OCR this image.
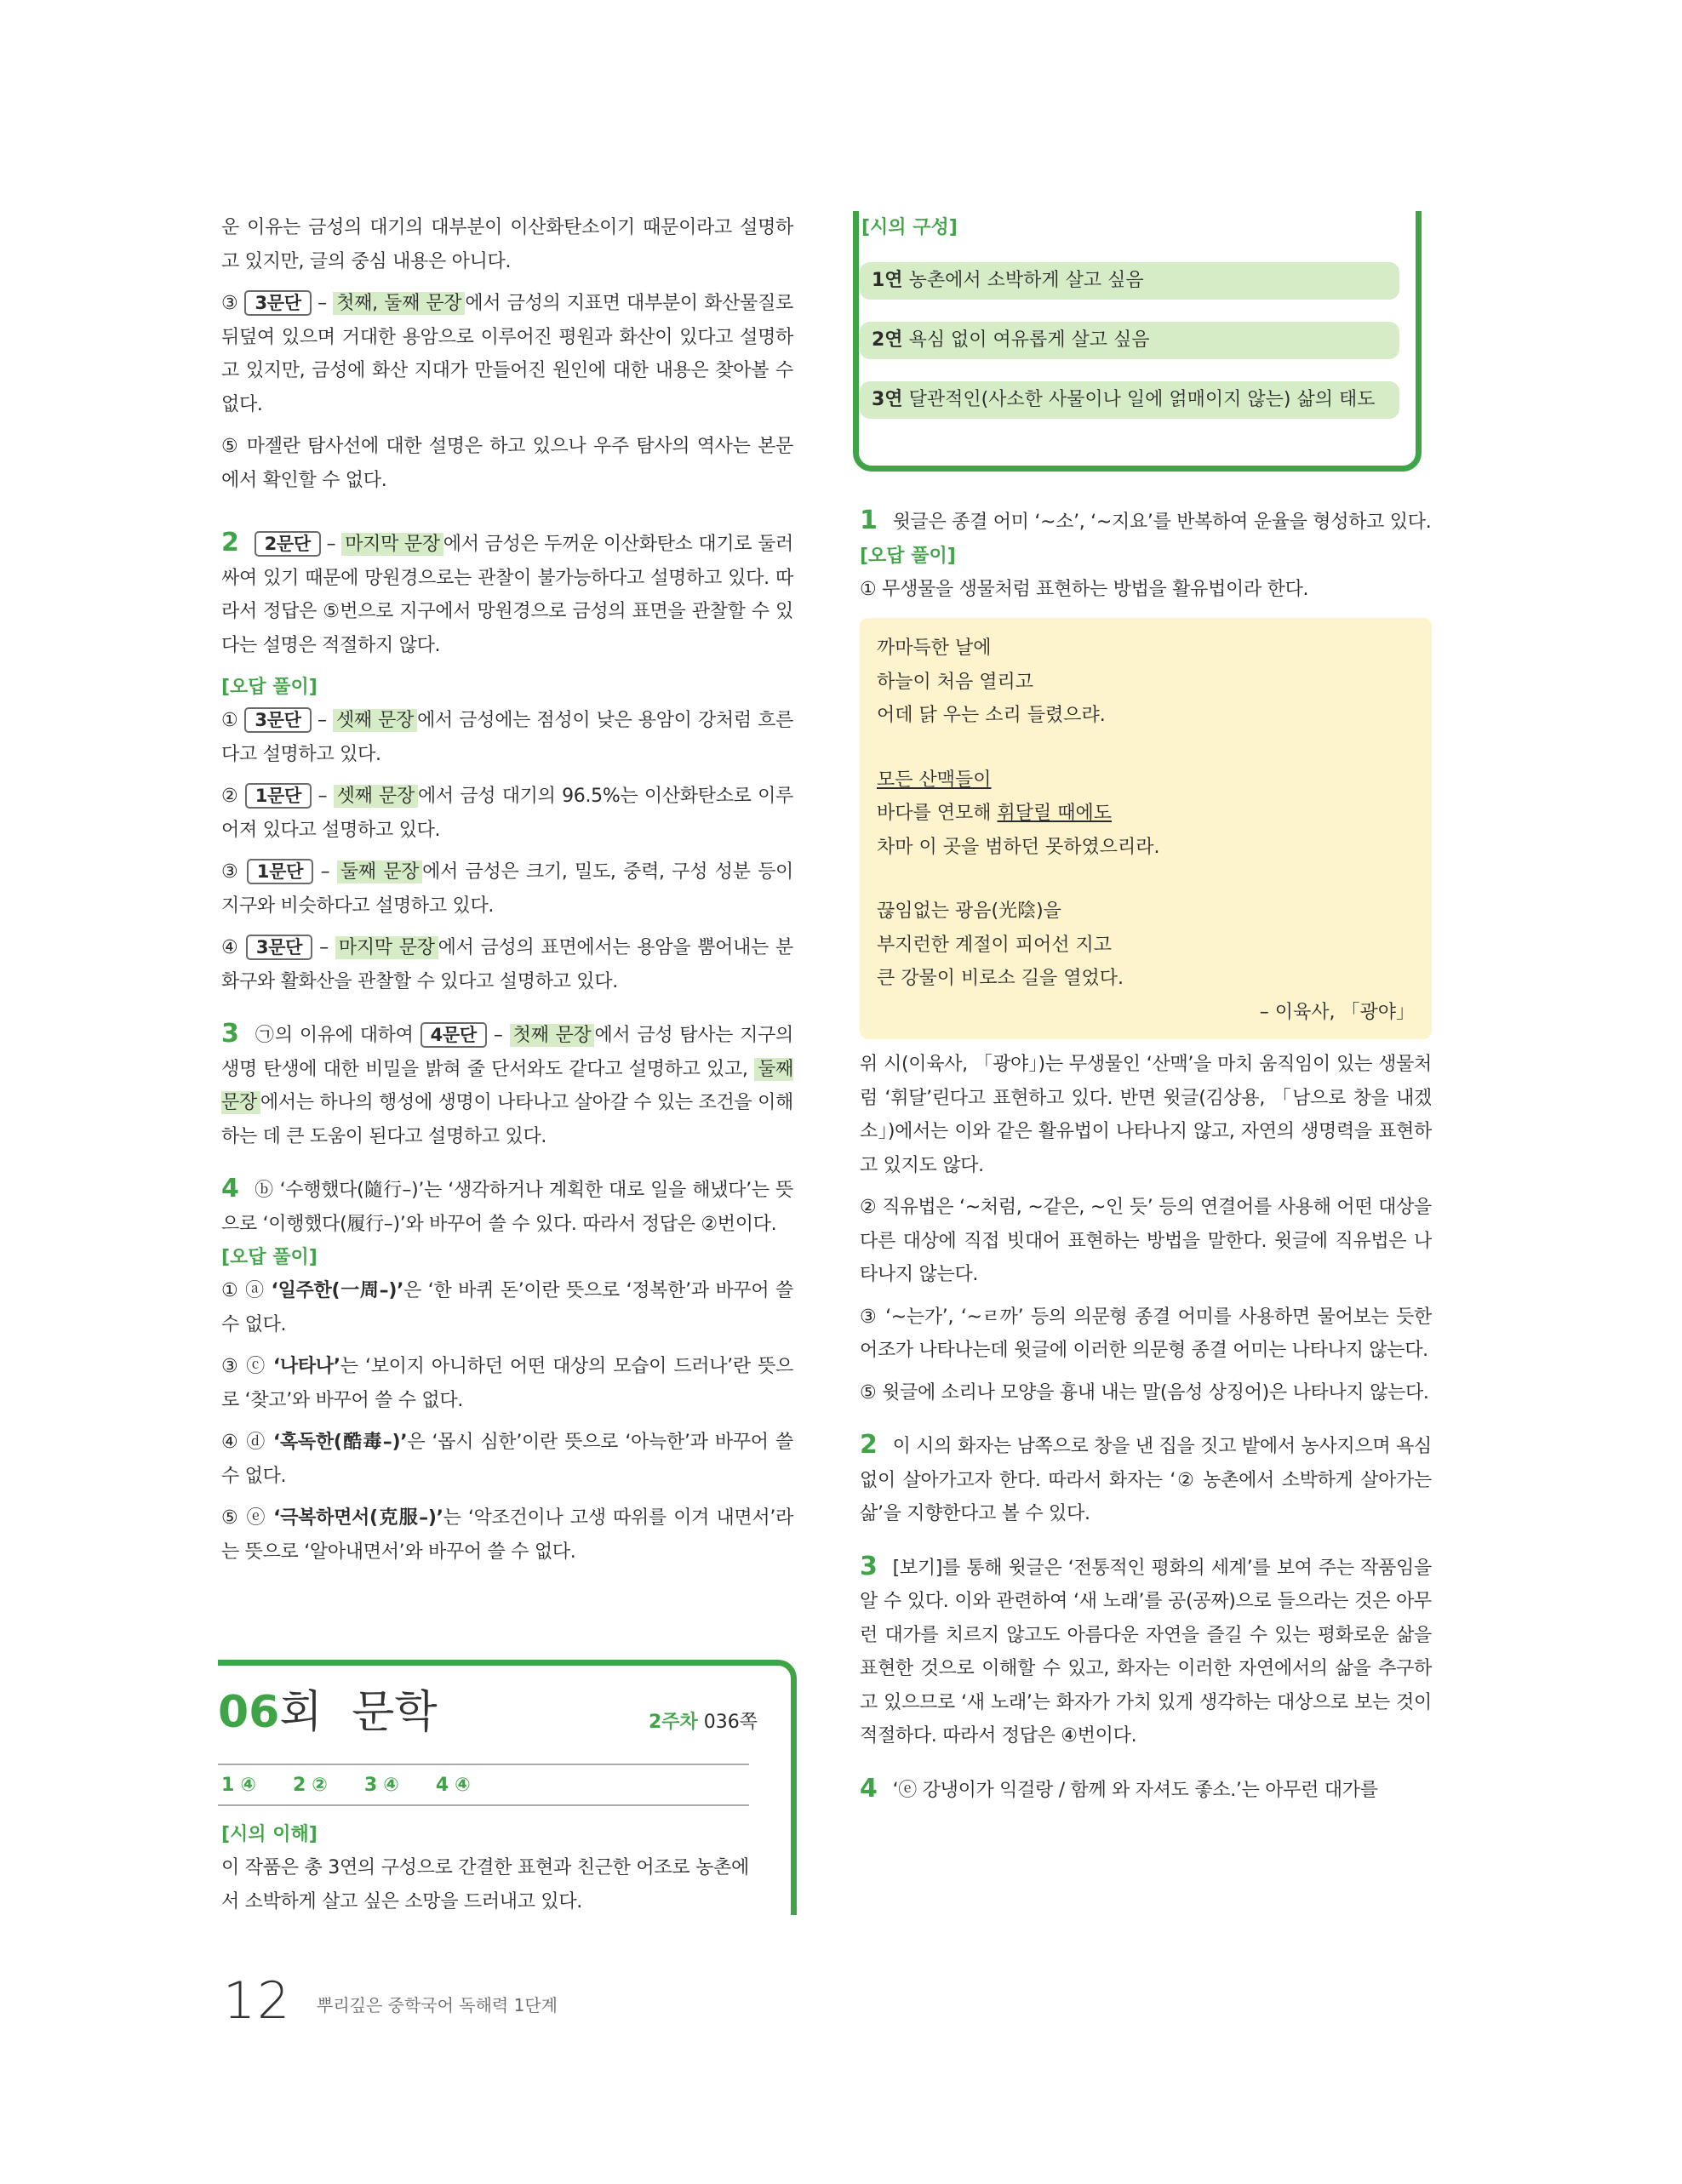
운 이유는 금성의 대기의 대부분이 이산화탄소이기 때문이라고 설명하고 있지만, 글의 중심 내용은 아니다.

③ 3문단 – 첫째, 둘째 문장 에서 금성의 지표면 대부분이 화산물질로 뒤덮여 있으며 거대한 용암으로 이루어진 평원과 화산이 있다고 설명하고 있지만, 금성에 화산 지대가 만들어진 원인에 대한 내용은 찾아볼 수 없다.

⑤ 마젤란 탐사선에 대한 설명은 하고 있으나 우주 탐사의 역사는 본문에서 확인할 수 없다.

2 2문단 – 마지막 문장 에서 금성은 두꺼운 이산화탄소 대기로 둘러 싸여 있기 때문에 망원경으로는 관찰이 불가능하다고 설명하고 있다. 따라서 정답은 ⑤번으로 지구에서 망원경으로 금성의 표면을 관찰할 수 있다는 설명은 적절하지 않다.

[오답 풀이]

① 3문단 – 셋째 문장 에서 금성에는 점성이 낮은 용암이 강처럼 흐른다고 설명하고 있다.

② 1문단 – 셋째 문장 에서 금성 대기의 96.5%는 이산화탄소로 이루어져 있다고 설명하고 있다.

③ 1문단 – 둘째 문장 에서 금성은 크기, 밀도, 중력, 구성 성분 등이 지구와 비슷하다고 설명하고 있다.

④ 3문단 – 마지막 문장 에서 금성의 표면에서는 용암을 뿜어내는 분화구와 활화산을 관찰할 수 있다고 설명하고 있다.

3 ㉠의 이유에 대하여 4문단 – 첫째 문장 에서 금성 탐사는 지구의 생명 탄생에 대한 비밀을 밝혀 줄 단서와도 같다고 설명하고 있고, 둘째 문장 에서는 하나의 행성에 생명이 나타나고 살아갈 수 있는 조건을 이해하는 데 큰 도움이 된다고 설명하고 있다.

4 ⓑ ‘수행했다(隨行–)’는 ‘생각하거나 계획한 대로 일을 해냈다’는 뜻으로 ‘이행했다(履行–)’와 바꾸어 쓸 수 있다. 따라서 정답은 ②번이다.

[오답 풀이]

① ⓐ ‘일주한(一周–)’은 ‘한 바퀴 돈’이란 뜻으로 ‘정복한’과 바꾸어 쓸 수 없다.

③ ⓒ ‘나타나’는 ‘보이지 아니하던 어떤 대상의 모습이 드러나’란 뜻으로 ‘찾고’와 바꾸어 쓸 수 없다.

④ ⓓ ‘혹독한(酷毒–)’은 ‘몹시 심한’이란 뜻으로 ‘아늑한’과 바꾸어 쓸 수 없다.

⑤ ⓔ ‘극복하면서(克服–)’는 ‘악조건이나 고생 따위를 이겨 내면서’라는 뜻으로 ‘알아내면서’와 바꾸어 쓸 수 없다.

06회 문학	2주차 036쪽
1 ④ 2 ② 3 ④ 4 ④
[시의 이해]

이 작품은 총 3연의 구성으로 간결한 표현과 친근한 어조로 농촌에서 소박하게 살고 싶은 소망을 드러내고 있다.

[시의 구성]
1연 농촌에서 소박하게 살고 싶음
2연 욕심 없이 여유롭게 살고 싶음
3연 달관적인(사소한 사물이나 일에 얽매이지 않는) 삶의 태도

1 윗글은 종결 어미 ‘~소’, ‘~지요’를 반복하여 운율을 형성하고 있다.

[오답 풀이]

① 무생물을 생물처럼 표현하는 방법을 활유법이라 한다.

까마득한 날에
하늘이 처음 열리고
어데 닭 우는 소리 들렸으랴.
모든 산맥들이
바다를 연모해 휘달릴 때에도
차마 이 곳을 범하던 못하였으리라.
끊임없는 광음(光陰)을
부지런한 계절이 피어선 지고
큰 강물이 비로소 길을 열었다.
– 이육사, 「광야」

위 시(이육사, 「광야」)는 무생물인 ‘산맥’을 마치 움직임이 있는 생물처럼 ‘휘달’린다고 표현하고 있다. 반면 윗글(김상용, 「남으로 창을 내겠소」)에서는 이와 같은 활유법이 나타나지 않고, 자연의 생명력을 표현하고 있지도 않다.

② 직유법은 ‘~처럼, ~같은, ~인 듯’ 등의 연결어를 사용해 어떤 대상을 다른 대상에 직접 빗대어 표현하는 방법을 말한다. 윗글에 직유법은 나타나지 않는다.

③ ‘~는가’, ‘~ㄹ까’ 등의 의문형 종결 어미를 사용하면 물어보는 듯한 어조가 나타나는데 윗글에 이러한 의문형 종결 어미는 나타나지 않는다.

⑤ 윗글에 소리나 모양을 흉내 내는 말(음성 상징어)은 나타나지 않는다.

2 이 시의 화자는 남쪽으로 창을 낸 집을 짓고 밭에서 농사지으며 욕심 없이 살아가고자 한다. 따라서 화자는 ‘② 농촌에서 소박하게 살아가는 삶’을 지향한다고 볼 수 있다.

3 [보기]를 통해 윗글은 ‘전통적인 평화의 세계’를 보여 주는 작품임을 알 수 있다. 이와 관련하여 ‘새 노래’를 공(공짜)으로 들으라는 것은 아무런 대가를 치르지 않고도 아름다운 자연을 즐길 수 있는 평화로운 삶을 표현한 것으로 이해할 수 있고, 화자는 이러한 자연에서의 삶을 추구하고 있으므로 ‘새 노래’는 화자가 가치 있게 생각하는 대상으로 보는 것이 적절하다. 따라서 정답은 ④번이다.

4 ‘ⓔ 강냉이가 익걸랑 / 함께 와 자셔도 좋소.’는 아무런 대가를

12 뿌리깊은 중학국어 독해력 1단계
